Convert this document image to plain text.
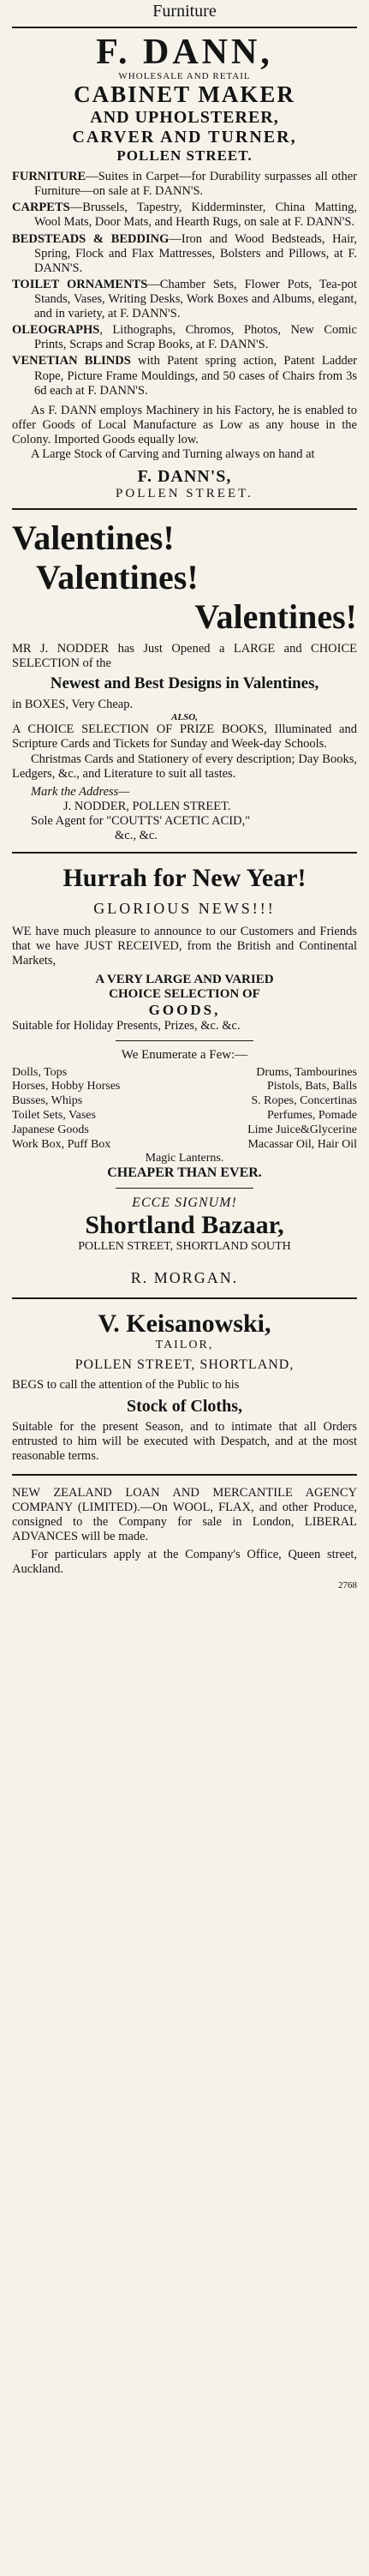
Furniture
F. DANN,
WHOLESALE AND RETAIL
CABINET MAKER
AND UPHOLSTERER,
CARVER AND TURNER,
POLLEN STREET.

FURNITURE—Suites in Carpet—for Durability surpasses all other Furniture—on sale at F. DANN'S.

CARPETS—Brussels, Tapestry, Kidderminster, China Matting, Wool Mats, Door Mats, and Hearth Rugs, on sale at F. DANN'S.

BEDSTEADS & BEDDING—Iron and Wood Bedsteads, Hair, Spring, Flock and Flax Mattresses, Bolsters and Pillows, at F. DANN'S.

TOILET ORNAMENTS—Chamber Sets, Flower Pots, Tea-pot Stands, Vases, Writing Desks, Work Boxes and Albums, elegant, and in variety, at F. DANN'S.

OLEOGRAPHS, Lithographs, Chromos, Photos, New Comic Prints, Scraps and Scrap Books, at F. DANN'S.

VENETIAN BLINDS with Patent spring action, Patent Ladder Rope, Picture Frame Mouldings, and 50 cases of Chairs from 3s 6d each at F. DANN'S.

As F. DANN employs Machinery in his Factory, he is enabled to offer Goods of Local Manufacture as Low as any house in the Colony. Imported Goods equally low.

A Large Stock of Carving and Turning always on hand at

F. DANN'S,
POLLEN STREET.
Valentines!
Valentines!
Valentines!

MR J. NODDER has Just Opened a LARGE and CHOICE SELECTION of the

Newest and Best Designs in Valentines,

in BOXES, Very Cheap.

ALSO,

A CHOICE SELECTION OF PRIZE BOOKS, Illuminated and Scripture Cards and Tickets for Sunday and Week-day Schools.

Christmas Cards and Stationery of every description; Day Books, Ledgers, &c., and Literature to suit all tastes.

Mark the Address—

J. NODDER, POLLEN STREET.

Sole Agent for "COUTTS' ACETIC ACID,"

&c., &c.

Hurrah for New Year!
GLORIOUS NEWS!!!

WE have much pleasure to announce to our Customers and Friends that we have JUST RECEIVED, from the British and Continental Markets,

A VERY LARGE AND VARIED
CHOICE SELECTION OF
GOODS,

Suitable for Holiday Presents, Prizes, &c. &c.

We Enumerate a Few:—
Dolls, Tops	Drums, Tambourines
Horses, Hobby Horses	Pistols, Bats, Balls
Busses, Whips	S. Ropes, Concertinas
Toilet Sets, Vases	Perfumes, Pomade
Japanese Goods	Lime Juice&Glycerine
Work Box, Puff Box	Macassar Oil, Hair Oil
Magic Lanterns.
CHEAPER THAN EVER.
ECCE SIGNUM!
Shortland Bazaar,
POLLEN STREET, SHORTLAND SOUTH
R. MORGAN.
V. Keisanowski,
TAILOR,
POLLEN STREET, SHORTLAND,

BEGS to call the attention of the Public to his

Stock of Cloths,

Suitable for the present Season, and to intimate that all Orders entrusted to him will be executed with Despatch, and at the most reasonable terms.

NEW ZEALAND LOAN AND MERCANTILE AGENCY COMPANY (LIMITED).—On WOOL, FLAX, and other Produce, consigned to the Company for sale in London, LIBERAL ADVANCES will be made.

For particulars apply at the Company's Office, Queen street, Auckland.

2768
